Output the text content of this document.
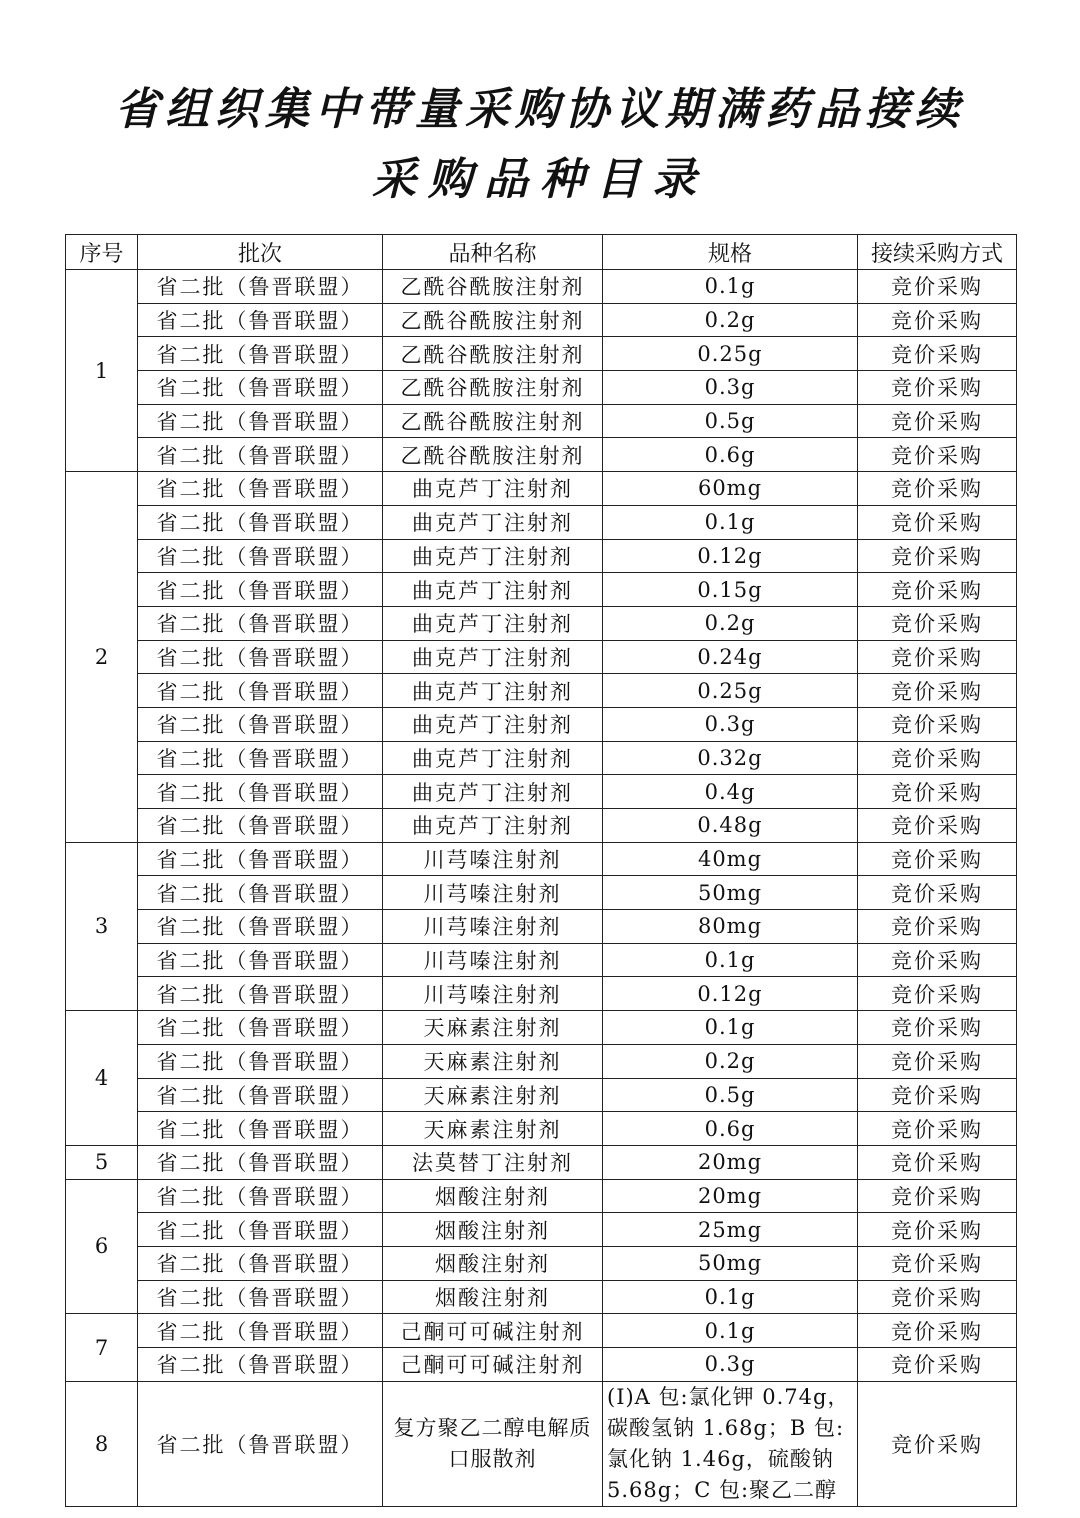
省组织集中带量采购协议期满药品接续
采购品种目录
序号	批次	品种名称	规格	接续采购方式
1	省二批（鲁晋联盟）	乙酰谷酰胺注射剂	0.1g	竞价采购
	省二批（鲁晋联盟）	乙酰谷酰胺注射剂	0.2g	竞价采购
	省二批（鲁晋联盟）	乙酰谷酰胺注射剂	0.25g	竞价采购
	省二批（鲁晋联盟）	乙酰谷酰胺注射剂	0.3g	竞价采购
	省二批（鲁晋联盟）	乙酰谷酰胺注射剂	0.5g	竞价采购
	省二批（鲁晋联盟）	乙酰谷酰胺注射剂	0.6g	竞价采购
2	省二批（鲁晋联盟）	曲克芦丁注射剂	60mg	竞价采购
	省二批（鲁晋联盟）	曲克芦丁注射剂	0.1g	竞价采购
	省二批（鲁晋联盟）	曲克芦丁注射剂	0.12g	竞价采购
	省二批（鲁晋联盟）	曲克芦丁注射剂	0.15g	竞价采购
	省二批（鲁晋联盟）	曲克芦丁注射剂	0.2g	竞价采购
	省二批（鲁晋联盟）	曲克芦丁注射剂	0.24g	竞价采购
	省二批（鲁晋联盟）	曲克芦丁注射剂	0.25g	竞价采购
	省二批（鲁晋联盟）	曲克芦丁注射剂	0.3g	竞价采购
	省二批（鲁晋联盟）	曲克芦丁注射剂	0.32g	竞价采购
	省二批（鲁晋联盟）	曲克芦丁注射剂	0.4g	竞价采购
	省二批（鲁晋联盟）	曲克芦丁注射剂	0.48g	竞价采购
3	省二批（鲁晋联盟）	川芎嗪注射剂	40mg	竞价采购
	省二批（鲁晋联盟）	川芎嗪注射剂	50mg	竞价采购
	省二批（鲁晋联盟）	川芎嗪注射剂	80mg	竞价采购
	省二批（鲁晋联盟）	川芎嗪注射剂	0.1g	竞价采购
	省二批（鲁晋联盟）	川芎嗪注射剂	0.12g	竞价采购
4	省二批（鲁晋联盟）	天麻素注射剂	0.1g	竞价采购
	省二批（鲁晋联盟）	天麻素注射剂	0.2g	竞价采购
	省二批（鲁晋联盟）	天麻素注射剂	0.5g	竞价采购
	省二批（鲁晋联盟）	天麻素注射剂	0.6g	竞价采购
5	省二批（鲁晋联盟）	法莫替丁注射剂	20mg	竞价采购
6	省二批（鲁晋联盟）	烟酸注射剂	20mg	竞价采购
	省二批（鲁晋联盟）	烟酸注射剂	25mg	竞价采购
	省二批（鲁晋联盟）	烟酸注射剂	50mg	竞价采购
	省二批（鲁晋联盟）	烟酸注射剂	0.1g	竞价采购
7	省二批（鲁晋联盟）	己酮可可碱注射剂	0.1g	竞价采购
	省二批（鲁晋联盟）	己酮可可碱注射剂	0.3g	竞价采购
8	省二批（鲁晋联盟）	复方聚乙二醇电解质口服散剂	(I)A 包:氯化钾 0.74g，碳酸氢钠 1.68g；B 包:氯化钠 1.46g，硫酸钠 5.68g；C 包:聚乙二醇	竞价采购
